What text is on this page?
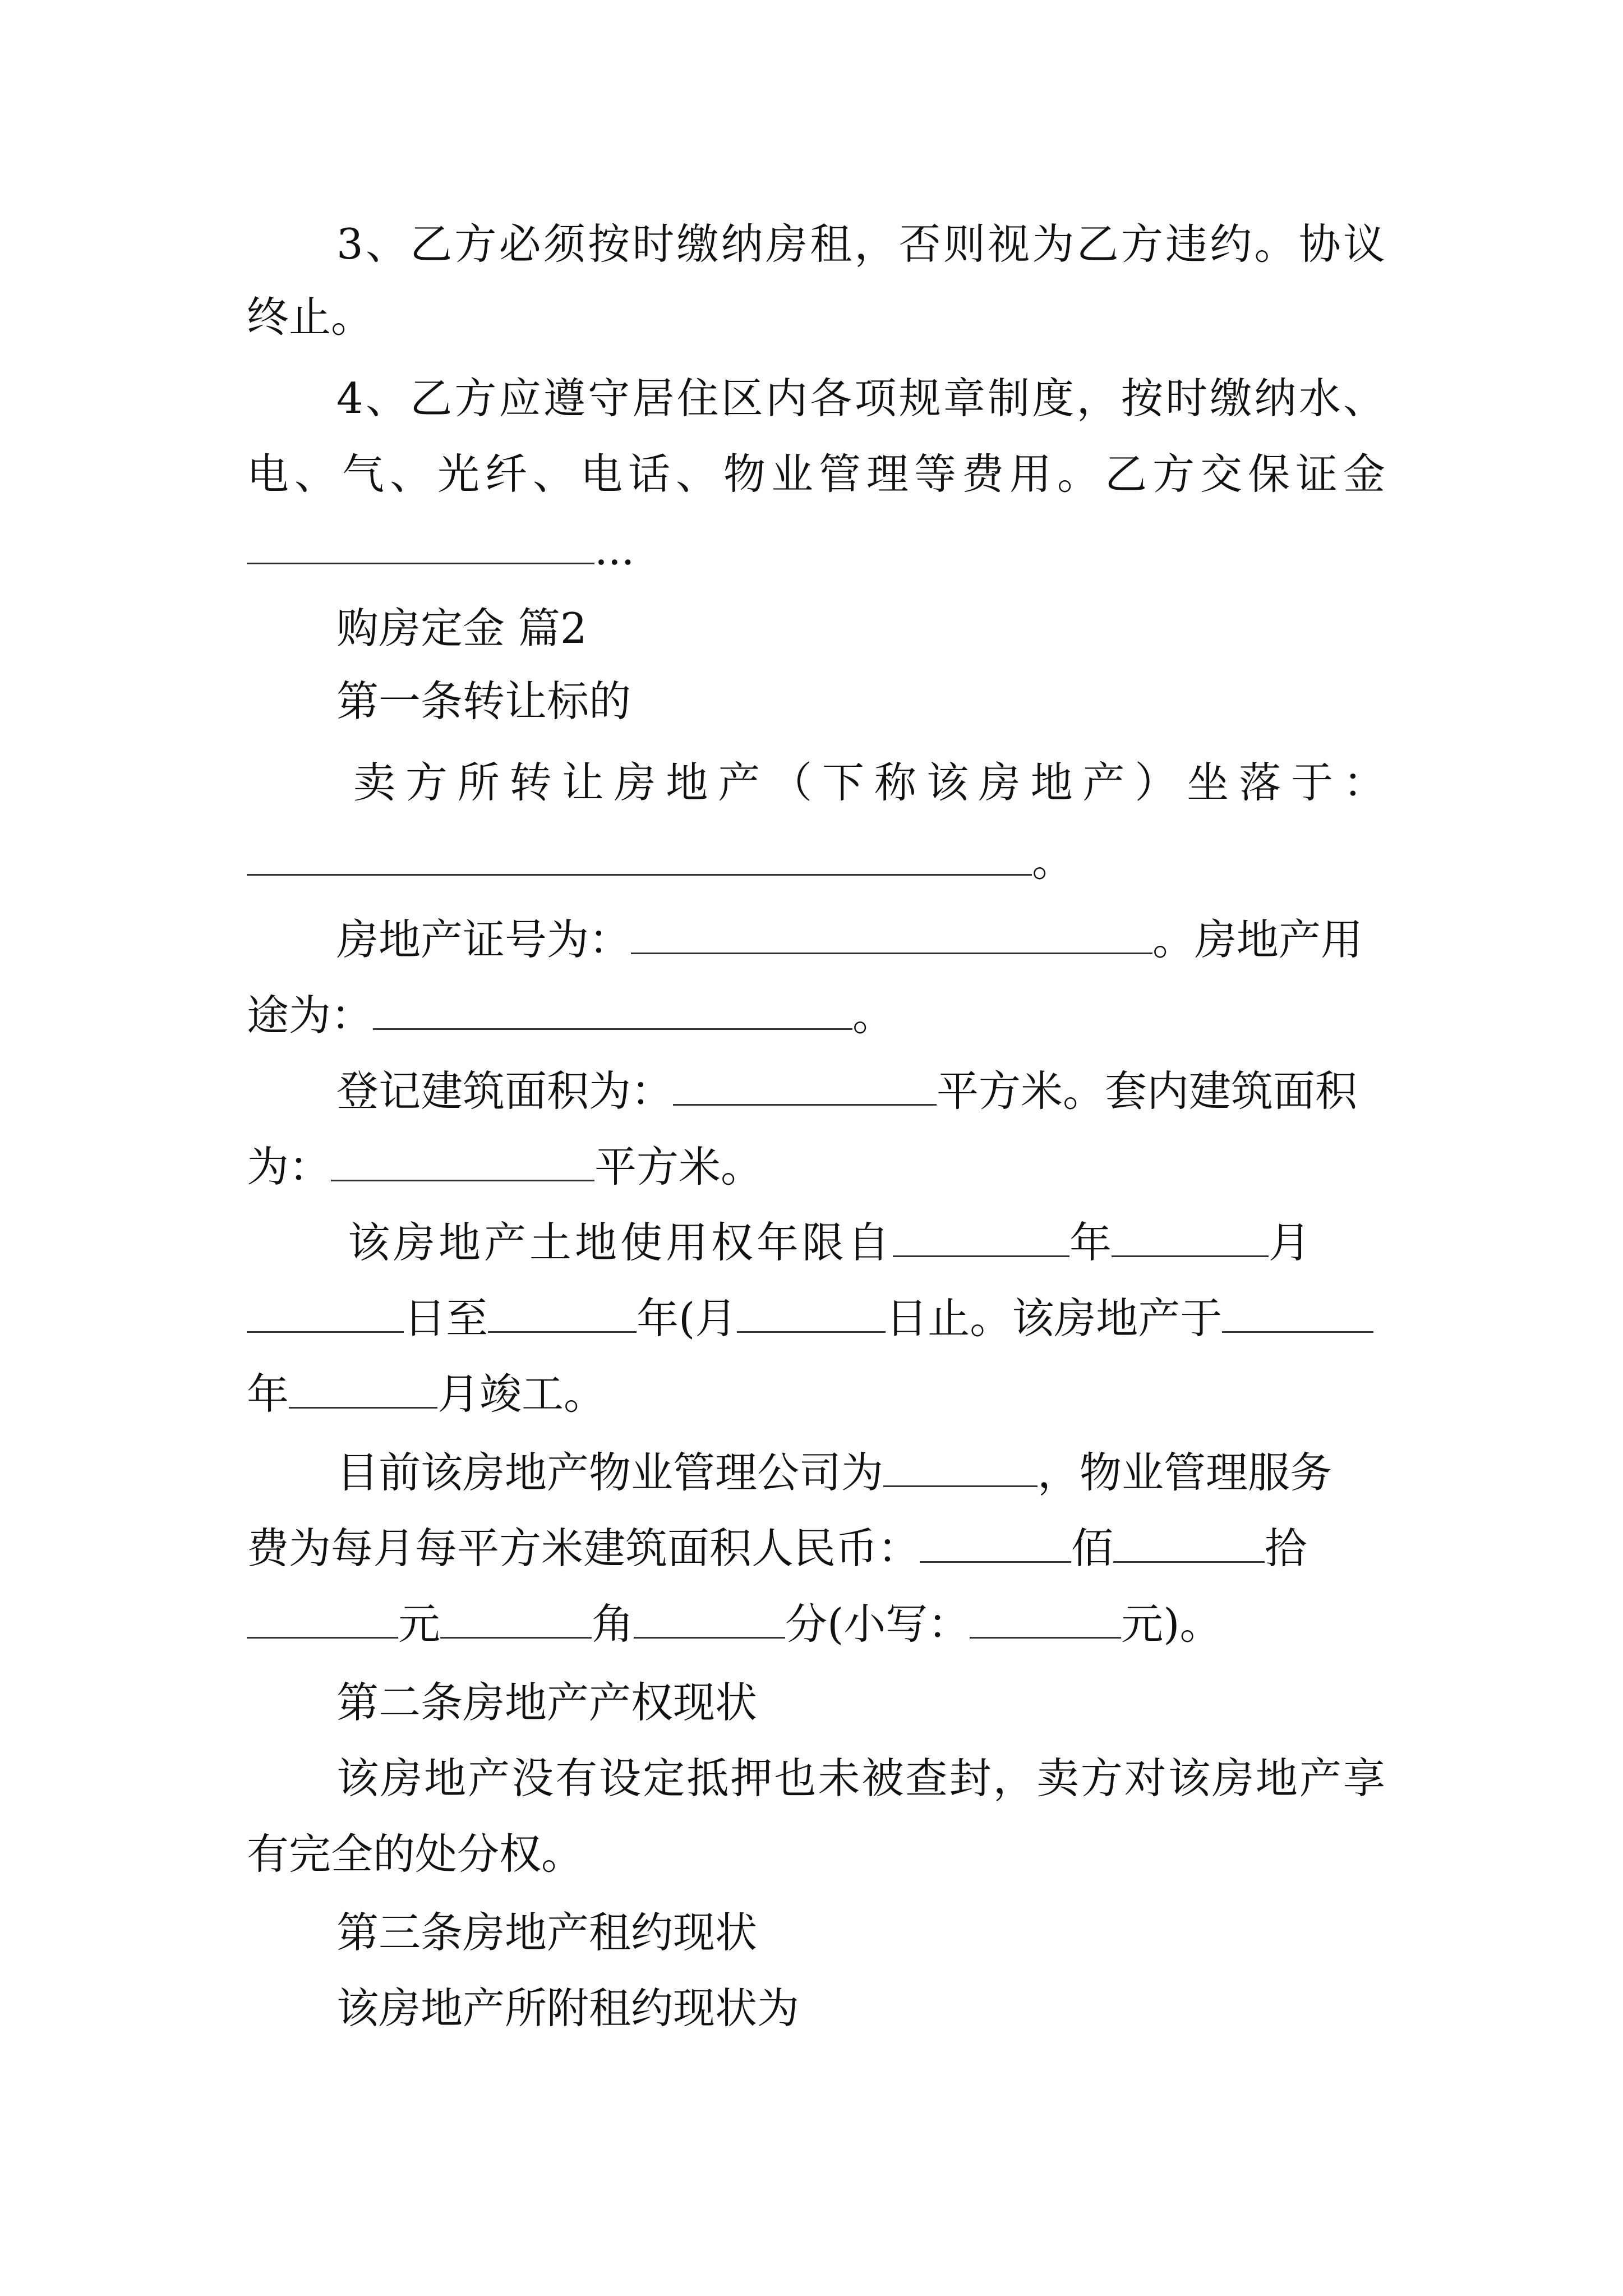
3、乙方必须按时缴纳房租，否则视为乙方违约。协议
终止。
4、乙方应遵守居住区内各项规章制度，按时缴纳水、
电、气、光纤、电话、物业管理等费用。乙方交保证金
...
购房定金 篇2
第一条转让标的
卖方所转让房地产（下称该房地产）坐落于：
。
房地产证号为：	。房地产用
途为：	。
登记建筑面积为：	平方米。套内建筑面积
为：	平方米。
该房地产土地使用权年限自	年	月
日至	年(月	日止。该房地产于
年	月竣工。
目前该房地产物业管理公司为	，物业管理服务
费为每月每平方米建筑面积人民币：	佰	拾
元	角	分(小写：	元)。
第二条房地产产权现状
该房地产没有设定抵押也未被查封，卖方对该房地产享
有完全的处分权。
第三条房地产租约现状
该房地产所附租约现状为
